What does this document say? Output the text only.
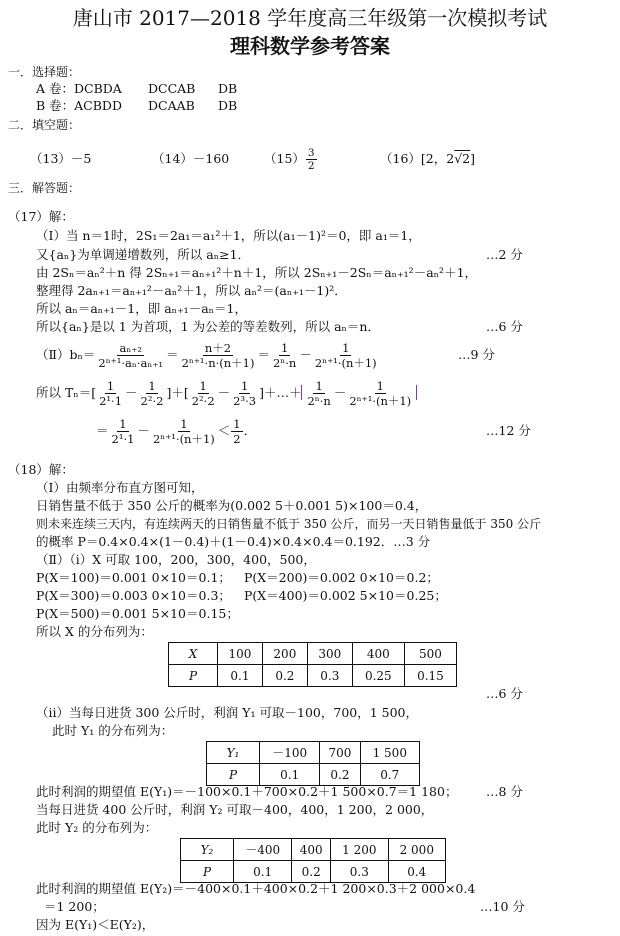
唐山市 2017—2018 学年度高三年级第一次模拟考试
理科数学参考答案
一．选择题：
A 卷：DCBDA DCCAB DB
B 卷：ACBDD DCAAB DB
二．填空题：
（13）－5	（14）－160	$(15) \frac{3}{2}$	（16）[2，2√2]
三．解答题：
（17）解：
（Ⅰ）当 n＝1时，2S₁＝2a₁＝a₁²＋1，所以(a₁－1)²＝0，即 a₁＝1，
又{aₙ}为单调递增数列，所以 aₙ≥1．	…2 分
由 2Sₙ＝aₙ²＋n 得 2Sₙ₊₁＝aₙ₊₁²＋n＋1，所以 2Sₙ₊₁－2Sₙ＝aₙ₊₁²－aₙ²＋1，
整理得 2aₙ₊₁＝aₙ₊₁²－aₙ²＋1，所以 aₙ²＝(aₙ₊₁－1)²．
所以 aₙ＝aₙ₊₁－1，即 aₙ₊₁－aₙ＝1，
所以{aₙ}是以 1 为首项，1 为公差的等差数列，所以 aₙ＝n．	…6 分
（Ⅱ）bₙ＝ $\frac{\text{aₙ₊₂}}{\text{2ⁿ⁺¹·aₙ·aₙ₊₁}} = \frac{n+2}{\text{2ⁿ⁺¹·n·(n＋1)}} = \frac{1}{\text{2ⁿ·n}} - \frac{1}{\text{2ⁿ⁺¹·(n＋1)}}$	…9 分
所以 $T_n=[ \frac{1}{\text{2¹·1}} - \frac{1}{\text{2²·2}}$ ]＋[ $\frac{1}{\text{2²·2}} - \frac{1}{\text{2³·3}}$ ]＋…＋ $\frac{1}{\text{2ⁿ·n}} - \frac{1}{\text{2ⁿ⁺¹·(n＋1)}}$
＝ $\frac{1}{\text{2¹·1}} - \frac{1}{\text{2ⁿ⁺¹·(n＋1)}} < \frac{1}{2}$ ．	…12 分
（18）解：
（Ⅰ）由频率分布直方图可知，
日销售量不低于 350 公斤的概率为(0.002 5＋0.001 5)×100＝0.4，
则未来连续三天内，有连续两天的日销售量不低于 350 公斤，而另一天日销售量低于 350 公斤
的概率 P＝0.4×0.4×(1－0.4)＋(1－0.4)×0.4×0.4＝0.192．…3 分
（Ⅱ）（ⅰ）X 可取 100，200，300，400，500，
P(X＝100)＝0.001 0×10＝0.1； P(X＝200)＝0.002 0×10＝0.2；
P(X＝300)＝0.003 0×10＝0.3； P(X＝400)＝0.002 5×10＝0.25；
P(X＝500)＝0.001 5×10＝0.15；
所以 X 的分布列为：
X	100	200	300	400	500
P	0.1	0.2	0.3	0.25	0.15
…6 分
（ⅱ）当每日进货 300 公斤时，利润 Y₁ 可取－100，700，1 500，
此时 Y₁ 的分布列为：
Y₁	－100	700	1 500
P	0.1	0.2	0.7
此时利润的期望值 E(Y₁)＝－100×0.1＋700×0.2＋1 500×0.7＝1 180； …8 分
当每日进货 400 公斤时，利润 Y₂ 可取－400，400，1 200，2 000，
此时 Y₂ 的分布列为：
Y₂	－400	400	1 200	2 000
P	0.1	0.2	0.3	0.4
此时利润的期望值 E(Y₂)＝－400×0.1＋400×0.2＋1 200×0.3＋2 000×0.4
＝1 200；	…10 分
因为 E(Y₁)＜E(Y₂)，
